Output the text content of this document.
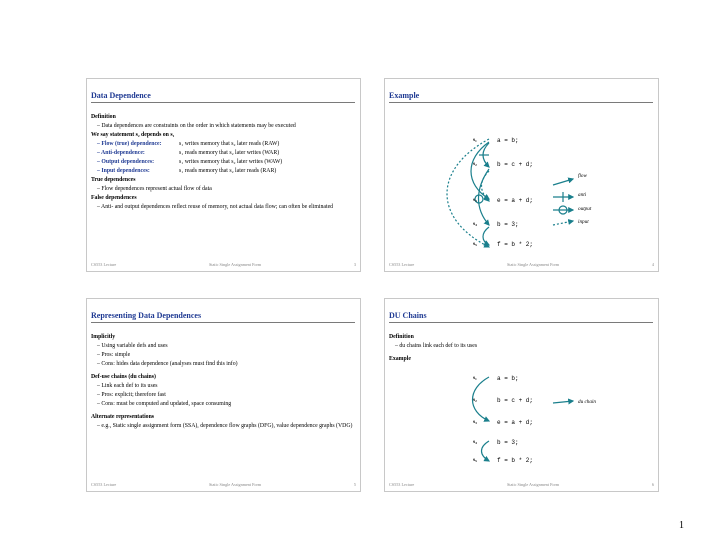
Data Dependence
Definition
– Data dependences are constraints on the order in which statements may be executed
We say statement s₂ depends on s₁
– Flow (true) dependence:	s₁ writes memory that s₂ later reads (RAW)
– Anti-dependence:	s₁ reads memory that s₂ later writes (WAR)
– Output dependences:	s₁ writes memory that s₂ later writes (WAW)
– Input dependences:	s₁ reads memory that s₂ later reads (RAR)
True dependences
– Flow dependences represent actual flow of data
False dependences
– Anti- and output dependences reflect reuse of memory, not actual data flow; can often be eliminated
CS553 Lecture	Static Single Assignment Form	3
Example
s₁	a = b;
s₂	b = c + d;
s₃	e = a + d;
s₄	b = 3;
s₅	f = b * 2;
flow
anti
output
input
CS553 Lecture	Static Single Assignment Form	4
Representing Data Dependences
Implicitly
– Using variable defs and uses
– Pros: simple
– Cons: hides data dependence (analyses must find this info)
Def-use chains (du chains)
– Link each def to its uses
– Pros: explicit; therefore fast
– Cons: must be computed and updated, space consuming
Alternate representations
– e.g., Static single assignment form (SSA), dependence flow graphs (DFG), value dependence graphs (VDG)
CS553 Lecture	Static Single Assignment Form	5
DU Chains
Definition
– du chains link each def to its uses
Example
s₁	a = b;
s₂	b = c + d;
s₃	e = a + d;
s₄	b = 3;
s₅	f = b * 2;
du chain
CS553 Lecture	Static Single Assignment Form	6
1
